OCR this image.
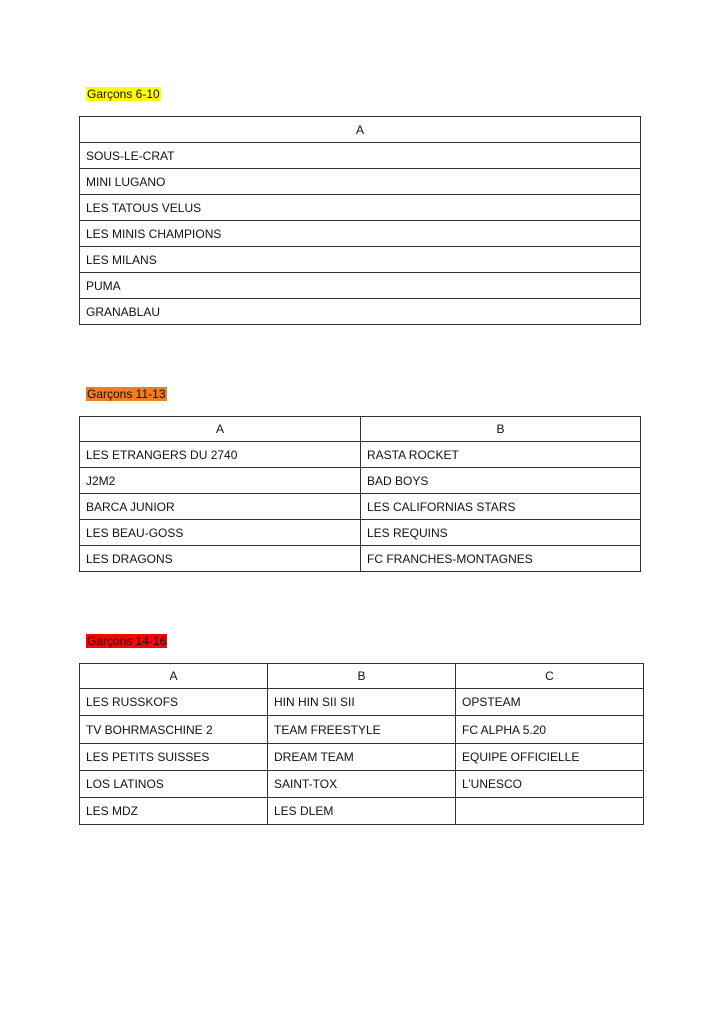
Garçons 6-10
A
SOUS-LE-CRAT
MINI LUGANO
LES TATOUS VELUS
LES MINIS CHAMPIONS
LES MILANS
PUMA
GRANABLAU
Garçons 11-13
A	B
LES ETRANGERS DU 2740	RASTA ROCKET
J2M2	BAD BOYS
BARCA JUNIOR	LES CALIFORNIAS STARS
LES BEAU-GOSS	LES REQUINS
LES DRAGONS	FC FRANCHES-MONTAGNES
Garçons 14-16
A	B	C
LES RUSSKOFS	HIN HIN SII SII	OPSTEAM
TV BOHRMASCHINE 2	TEAM FREESTYLE	FC ALPHA 5.20
LES PETITS SUISSES	DREAM TEAM	EQUIPE OFFICIELLE
LOS LATINOS	SAINT-TOX	L’UNESCO
LES MDZ	LES DLEM	
